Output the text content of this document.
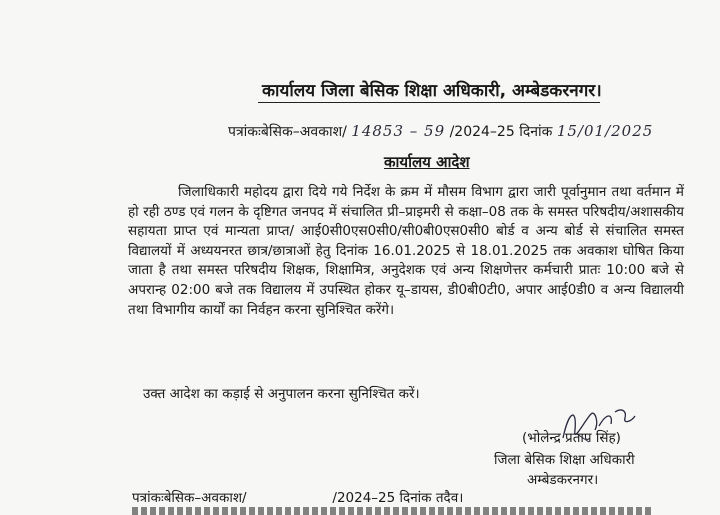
कार्यालय जिला बेसिक शिक्षा अधिकारी, अम्बेडकरनगर।
पत्रांकःबेसिक–अवकाश/ 14853 – 59 /2024–25 दिनांक 15/01/2025
कार्यालय आदेश
जिलाधिकारी महोदय द्वारा दिये गये निर्देश के क्रम में मौसम विभाग द्वारा जारी पूर्वानुमान तथा वर्तमान में हो रही ठण्ड एवं गलन के दृष्टिगत जनपद में संचालित प्री–प्राइमरी से कक्षा–08 तक के समस्त परिषदीय/अशासकीय सहायता प्राप्त एवं मान्यता प्राप्त/ आई0सी0एस0सी0/सी0बी0एस0सी0 बोर्ड व अन्य बोर्ड से संचालित समस्त विद्यालयों में अध्ययनरत छात्र/छात्राओं हेतु दिनांक 16.01.2025 से 18.01.2025 तक अवकाश घोषित किया जाता है तथा समस्त परिषदीय शिक्षक, शिक्षामित्र, अनुदेशक एवं अन्य शिक्षणेत्तर कर्मचारी प्रातः 10:00 बजे से अपरान्ह 02:00 बजे तक विद्यालय में उपस्थित होकर यू–डायस, डी0बी0टी0, अपार आई0डी0 व अन्य विद्यालयी तथा विभागीय कार्यों का निर्वहन करना सुनिश्चित करेंगे।
उक्त आदेश का कड़ाई से अनुपालन करना सुनिश्चित करें।
(भोलेन्द्र प्रताप सिंह)
जिला बेसिक शिक्षा अधिकारी
अम्बेडकरनगर।
पत्रांकःबेसिक–अवकाश/                    /2024–25 दिनांक तदैव।
